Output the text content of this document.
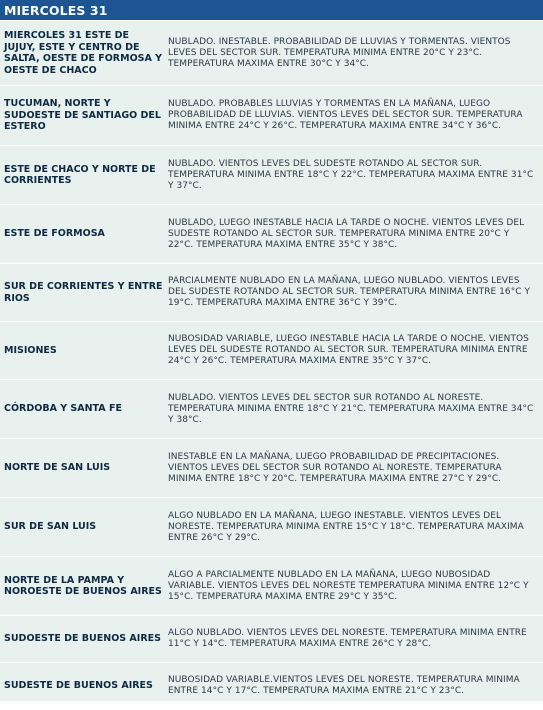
MIERCOLES 31
MIERCOLES 31 ESTE DE JUJUY, ESTE Y CENTRO DE SALTA, OESTE DE FORMOSA Y OESTE DE CHACO
NUBLADO. INESTABLE. PROBABILIDAD DE LLUVIAS Y TORMENTAS. VIENTOS LEVES DEL SECTOR SUR. TEMPERATURA MINIMA ENTRE 20°C Y 23°C. TEMPERATURA MAXIMA ENTRE 30°C Y 34°C.
TUCUMAN, NORTE Y SUDOESTE DE SANTIAGO DEL ESTERO
NUBLADO. PROBABLES LLUVIAS Y TORMENTAS EN LA MAÑANA, LUEGO PROBABILIDAD DE LLUVIAS. VIENTOS LEVES DEL SECTOR SUR. TEMPERATURA MINIMA ENTRE 24°C Y 26°C. TEMPERATURA MAXIMA ENTRE 34°C Y 36°C.
ESTE DE CHACO Y NORTE DE CORRIENTES
NUBLADO. VIENTOS LEVES DEL SUDESTE ROTANDO AL SECTOR SUR. TEMPERATURA MINIMA ENTRE 18°C Y 22°C. TEMPERATURA MAXIMA ENTRE 31°C Y 37°C.
ESTE DE FORMOSA
NUBLADO, LUEGO INESTABLE HACIA LA TARDE O NOCHE. VIENTOS LEVES DEL SUDESTE ROTANDO AL SECTOR SUR. TEMPERATURA MINIMA ENTRE 20°C Y 22°C. TEMPERATURA MAXIMA ENTRE 35°C Y 38°C.
SUR DE CORRIENTES Y ENTRE RIOS
PARCIALMENTE NUBLADO EN LA MAÑANA, LUEGO NUBLADO. VIENTOS LEVES DEL SUDESTE ROTANDO AL SECTOR SUR. TEMPERATURA MINIMA ENTRE 16°C Y 19°C. TEMPERATURA MAXIMA ENTRE 36°C Y 39°C.
MISIONES
NUBOSIDAD VARIABLE, LUEGO INESTABLE HACIA LA TARDE O NOCHE. VIENTOS LEVES DEL SUDESTE ROTANDO AL SECTOR SUR. TEMPERATURA MINIMA ENTRE 24°C Y 26°C. TEMPERATURA MAXIMA ENTRE 35°C Y 37°C.
CÓRDOBA Y SANTA FE
NUBLADO. VIENTOS LEVES DEL SECTOR SUR ROTANDO AL NORESTE. TEMPERATURA MINIMA ENTRE 18°C Y 21°C. TEMPERATURA MAXIMA ENTRE 34°C Y 38°C.
NORTE DE SAN LUIS
INESTABLE EN LA MAÑANA, LUEGO PROBABILIDAD DE PRECIPITACIONES. VIENTOS LEVES DEL SECTOR SUR ROTANDO AL NORESTE. TEMPERATURA MINIMA ENTRE 18°C Y 20°C. TEMPERATURA MAXIMA ENTRE 27°C Y 29°C.
SUR DE SAN LUIS
ALGO NUBLADO EN LA MAÑANA, LUEGO INESTABLE. VIENTOS LEVES DEL NORESTE. TEMPERATURA MINIMA ENTRE 15°C Y 18°C. TEMPERATURA MAXIMA ENTRE 26°C Y 29°C.
NORTE DE LA PAMPA Y NOROESTE DE BUENOS AIRES
ALGO A PARCIALMENTE NUBLADO EN LA MAÑANA, LUEGO NUBOSIDAD VARIABLE. VIENTOS LEVES DEL NORESTE TEMPERATURA MINIMA ENTRE 12°C Y 15°C. TEMPERATURA MAXIMA ENTRE 29°C Y 35°C.
SUDOESTE DE BUENOS AIRES
ALGO NUBLADO. VIENTOS LEVES DEL NORESTE. TEMPERATURA MINIMA ENTRE 11°C Y 14°C. TEMPERATURA MAXIMA ENTRE 26°C Y 28°C.
SUDESTE DE BUENOS AIRES
NUBOSIDAD VARIABLE.VIENTOS LEVES DEL NORESTE. TEMPERATURA MINIMA ENTRE 14°C Y 17°C. TEMPERATURA MAXIMA ENTRE 21°C Y 23°C.
